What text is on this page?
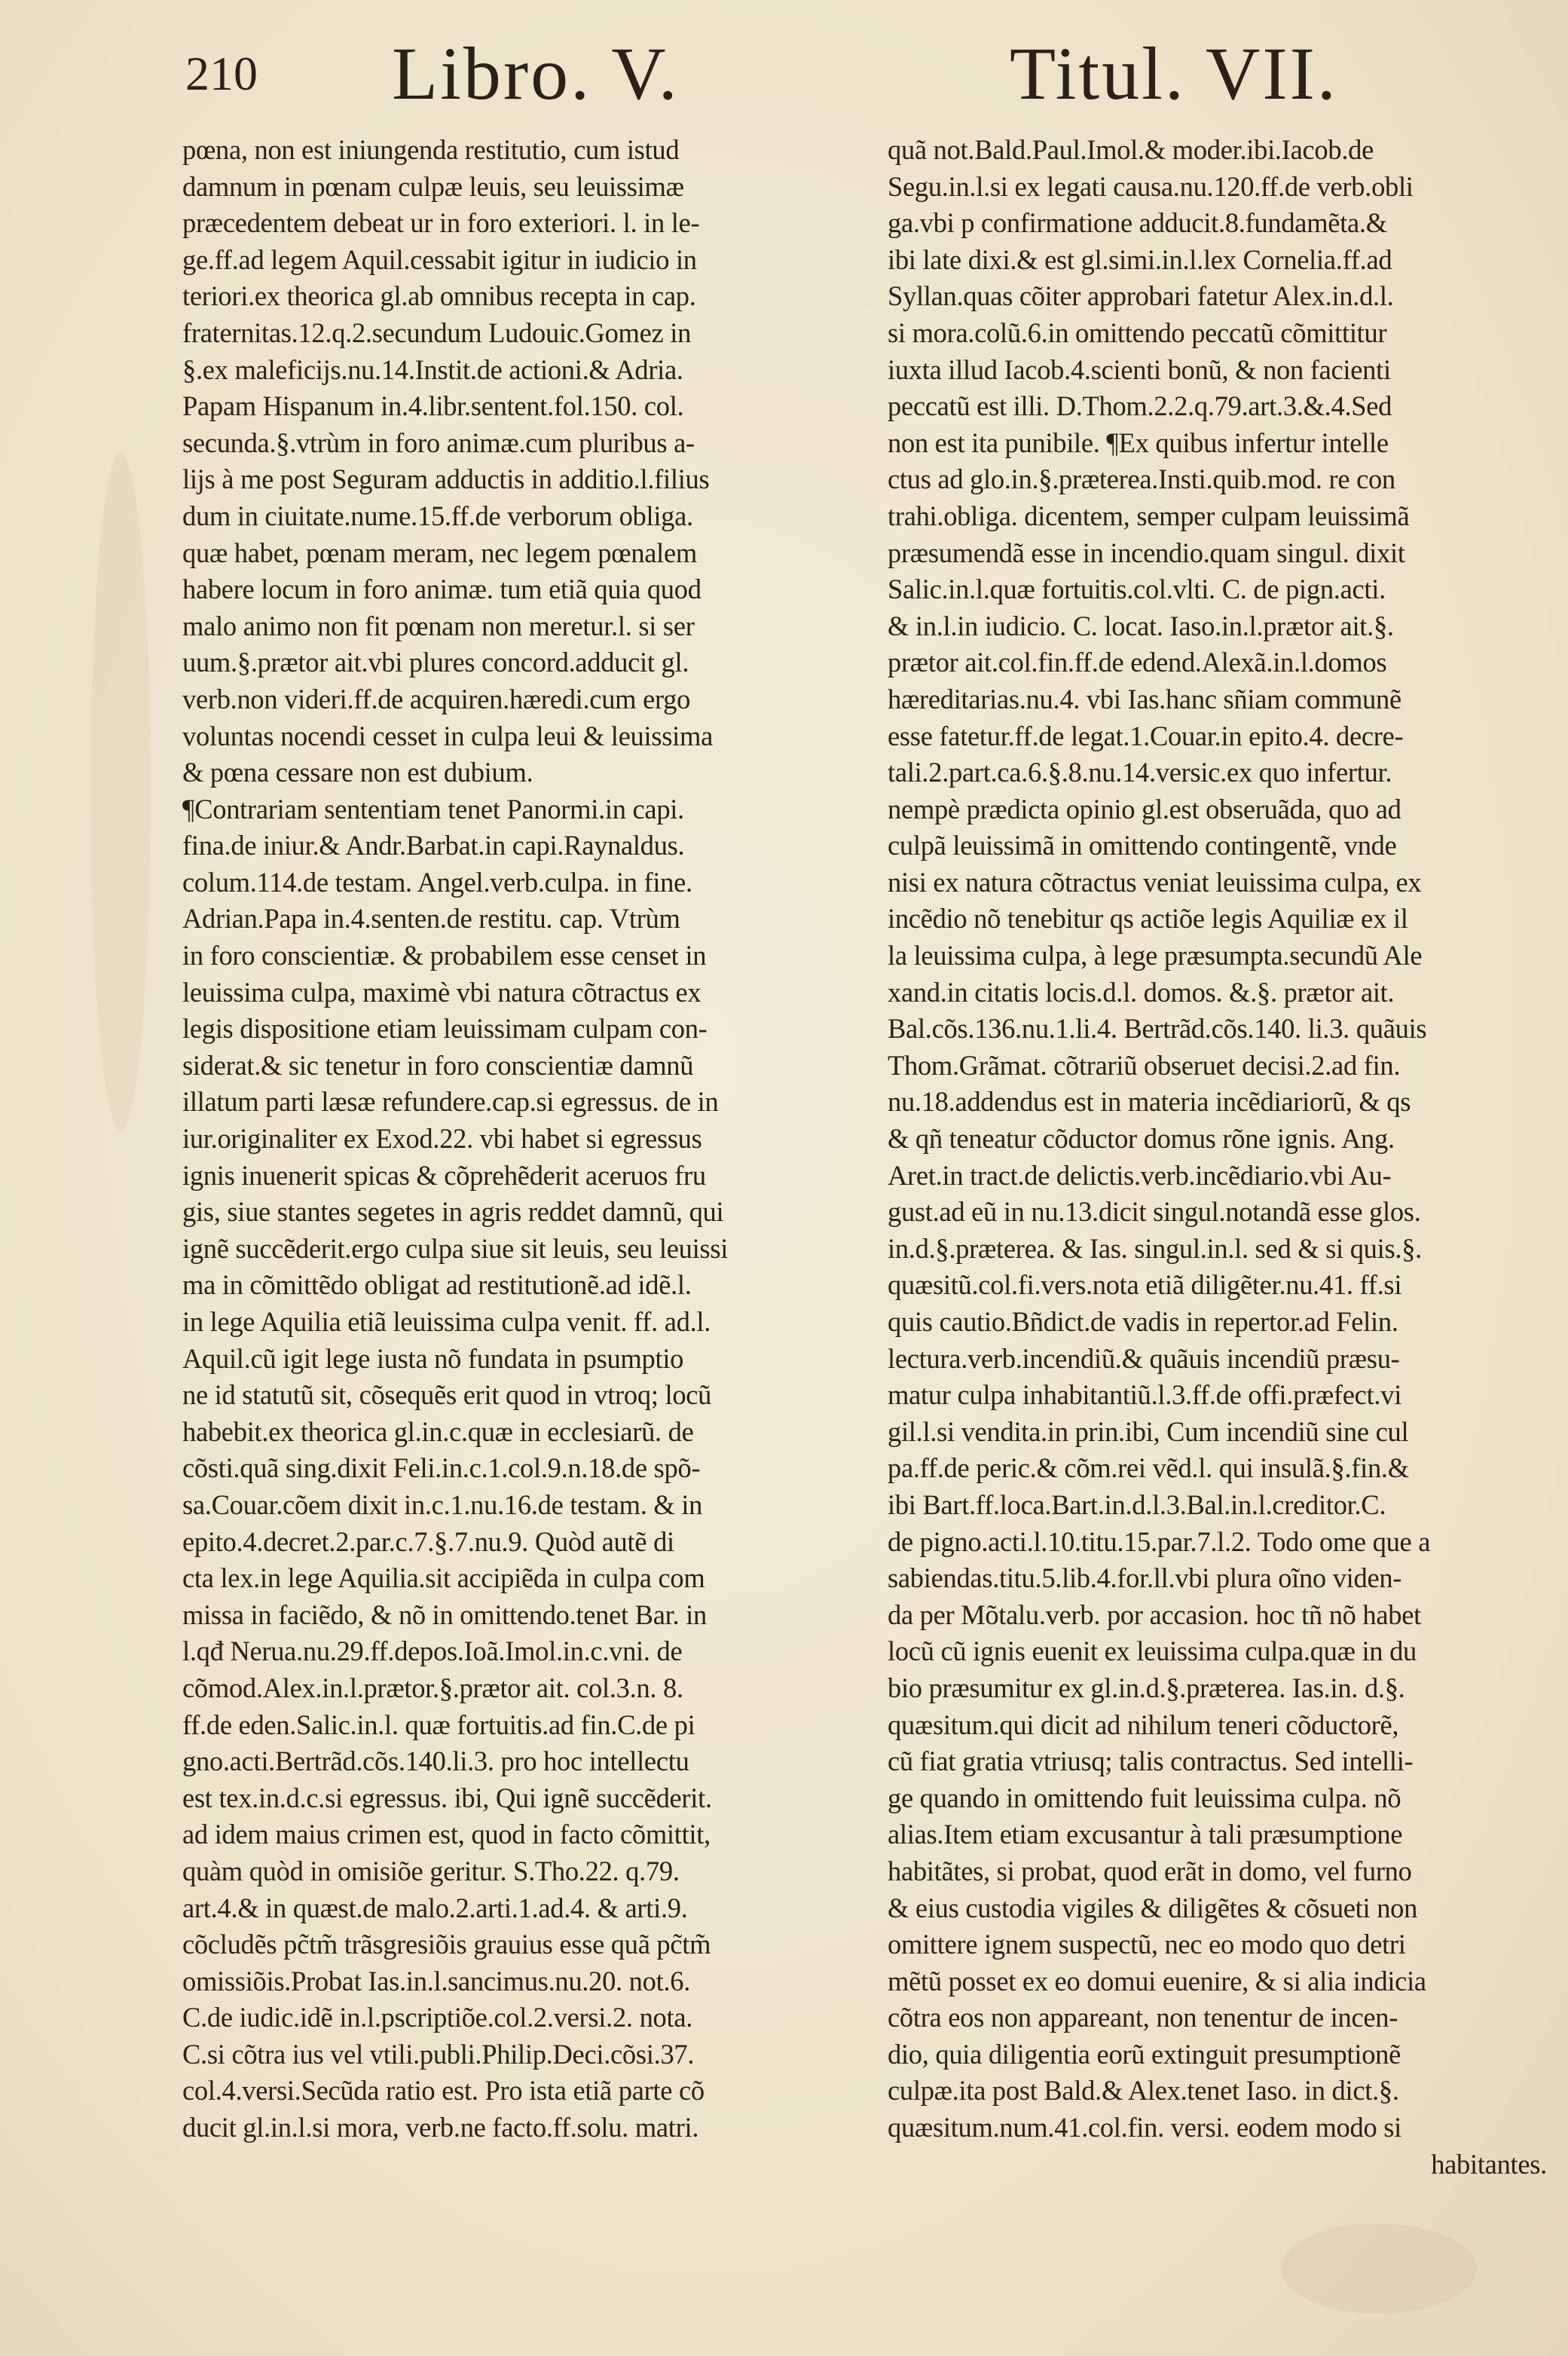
210 Libro. V.	Titul. VII.
pœna, non est iniungenda restitutio, cum istud
damnum in pœnam culpæ leuis, seu leuissimæ
præcedentem debeat ur in foro exteriori. l. in le-
ge.ff.ad legem Aquil.cessabit igitur in iudicio in
teriori.ex theorica gl.ab omnibus recepta in cap.
fraternitas.12.q.2.secundum Ludouic.Gomez in
§.ex maleficijs.nu.14.Instit.de actioni.& Adria.
Papam Hispanum in.4.libr.sentent.fol.150. col.
secunda.§.vtrùm in foro animæ.cum pluribus a-
lijs à me post Seguram adductis in additio.l.filius
dum in ciuitate.nume.15.ff.de verborum obliga.
quæ habet, pœnam meram, nec legem pœnalem
habere locum in foro animæ. tum etiã quia quod
malo animo non fit pœnam non meretur.l. si ser
uum.§.prætor ait.vbi plures concord.adducit gl.
verb.non videri.ff.de acquiren.hæredi.cum ergo
voluntas nocendi cesset in culpa leui & leuissima
& pœna cessare non est dubium.
¶Contrariam sententiam tenet Panormi.in capi.
fina.de iniur.& Andr.Barbat.in capi.Raynaldus.
colum.114.de testam. Angel.verb.culpa. in fine.
Adrian.Papa in.4.senten.de restitu. cap. Vtrùm
in foro conscientiæ. & probabilem esse censet in
leuissima culpa, maximè vbi natura cõtractus ex
legis dispositione etiam leuissimam culpam con-
siderat.& sic tenetur in foro conscientiæ damnũ
illatum parti læsæ refundere.cap.si egressus. de in
iur.originaliter ex Exod.22. vbi habet si egressus
ignis inuenerit spicas & cõprehẽderit aceruos fru
gis, siue stantes segetes in agris reddet damnũ, qui
ignẽ succẽderit.ergo culpa siue sit leuis, seu leuissi
ma in cõmittẽdo obligat ad restitutionẽ.ad idẽ.l.
in lege Aquilia etiã leuissima culpa venit. ff. ad.l.
Aquil.cũ igit lege iusta nõ fundata in psumptio
ne id statutũ sit, cõsequẽs erit quod in vtroq; locũ
habebit.ex theorica gl.in.c.quæ in ecclesiarũ. de
cõsti.quã sing.dixit Feli.in.c.1.col.9.n.18.de spõ-
sa.Couar.cõem dixit in.c.1.nu.16.de testam. & in
epito.4.decret.2.par.c.7.§.7.nu.9. Quòd autẽ di
cta lex.in lege Aquilia.sit accipiẽda in culpa com
missa in faciẽdo, & nõ in omittendo.tenet Bar. in
l.qđ Nerua.nu.29.ff.depos.Ioã.Imol.in.c.vni. de
cõmod.Alex.in.l.prætor.§.prætor ait. col.3.n. 8.
ff.de eden.Salic.in.l. quæ fortuitis.ad fin.C.de pi
gno.acti.Bertrãd.cõs.140.li.3. pro hoc intellectu
est tex.in.d.c.si egressus. ibi, Qui ignẽ succẽderit.
ad idem maius crimen est, quod in facto cõmittit,
quàm quòd in omisiõe geritur. S.Tho.22. q.79.
art.4.& in quæst.de malo.2.arti.1.ad.4. & arti.9.
cõcludẽs pc̃tm̃ trãsgresiõis grauius esse quã pc̃tm̃
omissiõis.Probat Ias.in.l.sancimus.nu.20. not.6.
C.de iudic.idẽ in.l.pscriptiõe.col.2.versi.2. nota.
C.si cõtra ius vel vtili.publi.Philip.Deci.cõsi.37.
col.4.versi.Secũda ratio est. Pro ista etiã parte cõ
ducit gl.in.l.si mora, verb.ne facto.ff.solu. matri.
quã not.Bald.Paul.Imol.& moder.ibi.Iacob.de
Segu.in.l.si ex legati causa.nu.120.ff.de verb.obli
ga.vbi p confirmatione adducit.8.fundamẽta.&
ibi late dixi.& est gl.simi.in.l.lex Cornelia.ff.ad
Syllan.quas cõiter approbari fatetur Alex.in.d.l.
si mora.colũ.6.in omittendo peccatũ cõmittitur
iuxta illud Iacob.4.scienti bonũ, & non facienti
peccatũ est illi. D.Thom.2.2.q.79.art.3.&.4.Sed
non est ita punibile. ¶Ex quibus infertur intelle
ctus ad glo.in.§.præterea.Insti.quib.mod. re con
trahi.obliga. dicentem, semper culpam leuissimã
præsumendã esse in incendio.quam singul. dixit
Salic.in.l.quæ fortuitis.col.vlti. C. de pign.acti.
& in.l.in iudicio. C. locat. Iaso.in.l.prætor ait.§.
prætor ait.col.fin.ff.de edend.Alexã.in.l.domos
hæreditarias.nu.4. vbi Ias.hanc sñiam communẽ
esse fatetur.ff.de legat.1.Couar.in epito.4. decre-
tali.2.part.ca.6.§.8.nu.14.versic.ex quo infertur.
nempè prædicta opinio gl.est obseruãda, quo ad
culpã leuissimã in omittendo contingentẽ, vnde
nisi ex natura cõtractus veniat leuissima culpa, ex
incẽdio nõ tenebitur qs actiõe legis Aquiliæ ex il
la leuissima culpa, à lege præsumpta.secundũ Ale
xand.in citatis locis.d.l. domos. &.§. prætor ait.
Bal.cõs.136.nu.1.li.4. Bertrãd.cõs.140. li.3. quãuis
Thom.Grãmat. cõtrariũ obseruet decisi.2.ad fin.
nu.18.addendus est in materia incẽdiariorũ, & qs
& qñ teneatur cõductor domus rõne ignis. Ang.
Aret.in tract.de delictis.verb.incẽdiario.vbi Au-
gust.ad eũ in nu.13.dicit singul.notandã esse glos.
in.d.§.præterea. & Ias. singul.in.l. sed & si quis.§.
quæsitũ.col.fi.vers.nota etiã diligẽter.nu.41. ff.si
quis cautio.Bñdict.de vadis in repertor.ad Felin.
lectura.verb.incendiũ.& quãuis incendiũ præsu-
matur culpa inhabitantiũ.l.3.ff.de offi.præfect.vi
gil.l.si vendita.in prin.ibi, Cum incendiũ sine cul
pa.ff.de peric.& cõm.rei vẽd.l. qui insulã.§.fin.&
ibi Bart.ff.loca.Bart.in.d.l.3.Bal.in.l.creditor.C.
de pigno.acti.l.10.titu.15.par.7.l.2. Todo ome que a
sabiendas.titu.5.lib.4.for.ll.vbi plura oĩno viden-
da per Mõtalu.verb. por accasion. hoc tñ nõ habet
locũ cũ ignis euenit ex leuissima culpa.quæ in du
bio præsumitur ex gl.in.d.§.præterea. Ias.in. d.§.
quæsitum.qui dicit ad nihilum teneri cõductorẽ,
cũ fiat gratia vtriusq; talis contractus. Sed intelli-
ge quando in omittendo fuit leuissima culpa. nõ
alias.Item etiam excusantur à tali præsumptione
habitãtes, si probat, quod erãt in domo, vel furno
& eius custodia vigiles & diligẽtes & cõsueti non
omittere ignem suspectũ, nec eo modo quo detri
mẽtũ posset ex eo domui euenire, & si alia indicia
cõtra eos non appareant, non tenentur de incen-
dio, quia diligentia eorũ extinguit presumptionẽ
culpæ.ita post Bald.& Alex.tenet Iaso. in dict.§.
quæsitum.num.41.col.fin. versi. eodem modo si
habitantes.
